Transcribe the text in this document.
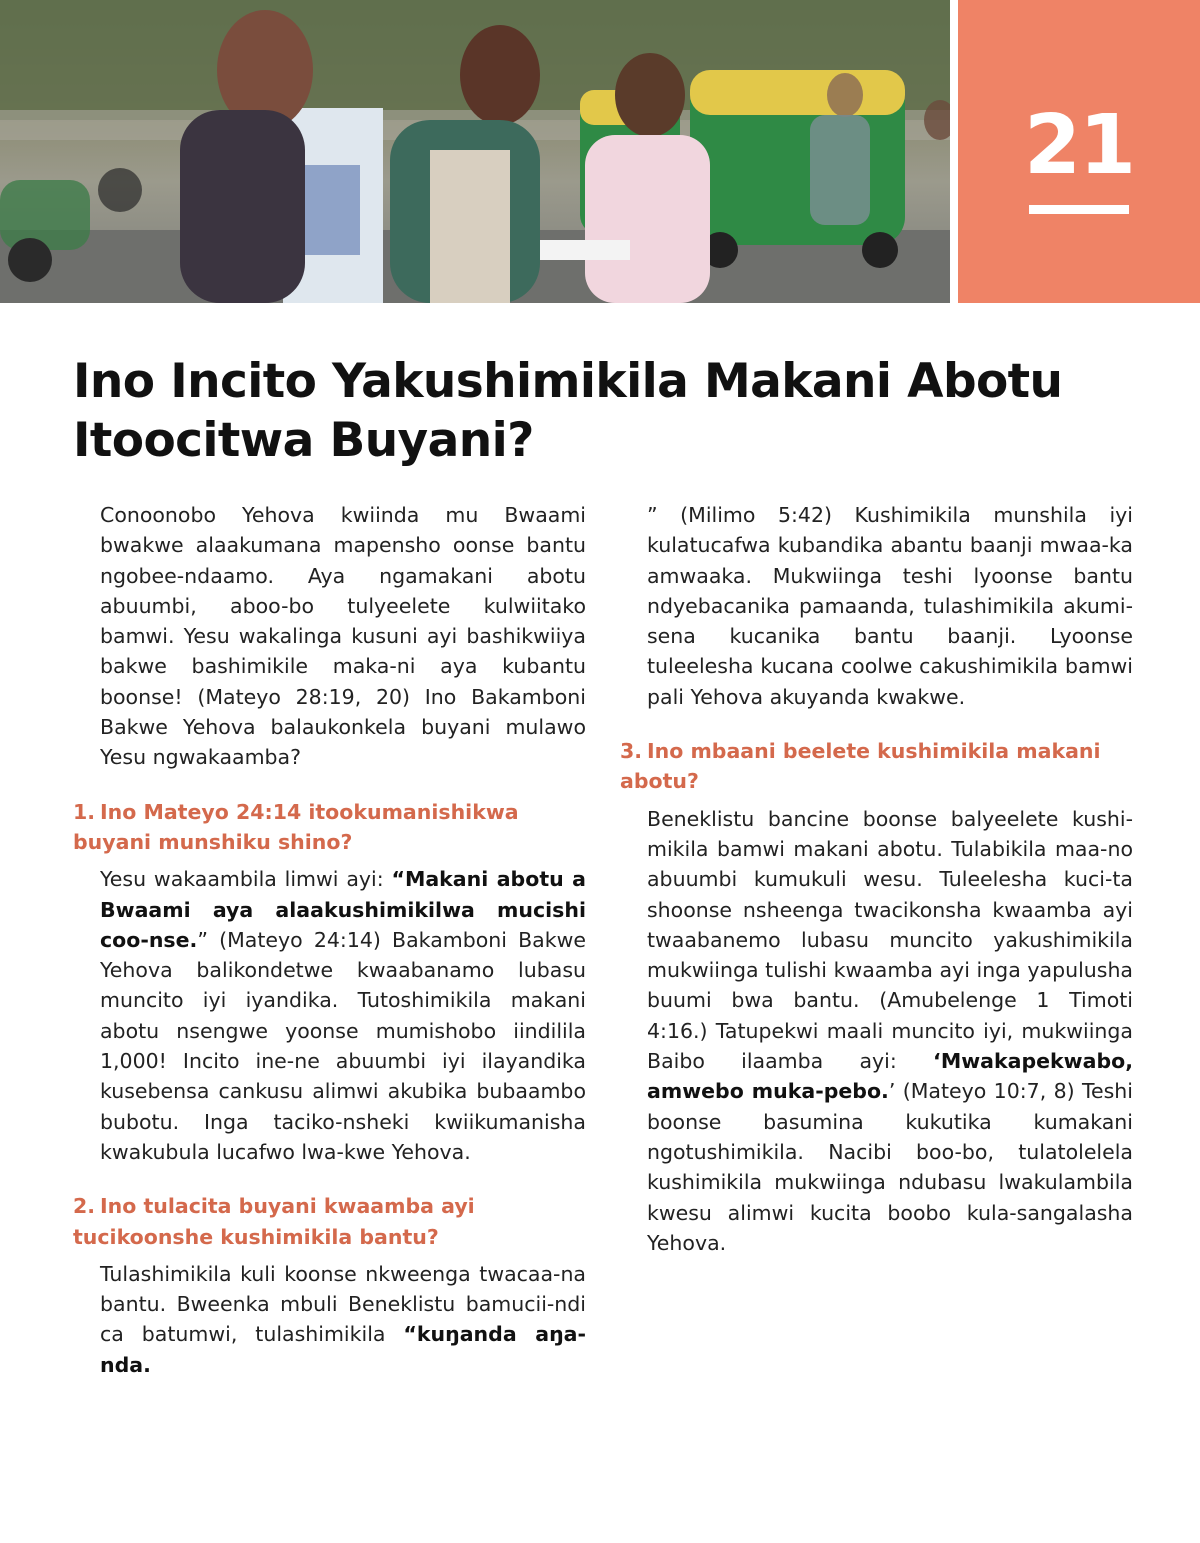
21
Ino Incito Yakushimikila Makani Abotu
Itoocitwa Buyani?

Conoonobo Yehova kwiinda mu Bwaami bwakwe alaakumana mapensho oonse bantu ngobee-ndaamo. Aya ngamakani abotu abuumbi, aboo-bo tulyeelete kulwiitako bamwi. Yesu wakalinga kusuni ayi bashikwiiya bakwe bashimikile maka-ni aya kubantu boonse! (Mateyo 28:19, 20) Ino Bakamboni Bakwe Yehova balaukonkela buyani mulawo Yesu ngwakaamba?

1. Ino Mateyo 24:14 itookumanishikwa buyani munshiku shino?

Yesu wakaambila limwi ayi: “Makani abotu a Bwaami aya alaakushimikilwa mucishi coo-nse.” (Mateyo 24:14) Bakamboni Bakwe Yehova balikondetwe kwaabanamo lubasu muncito iyi iyandika. Tutoshimikila makani abotu nsengwe yoonse mumishobo iindilila 1,000! Incito ine-ne abuumbi iyi ilayandika kusebensa cankusu alimwi akubika bubaambo bubotu. Inga taciko-nsheki kwiikumanisha kwakubula lucafwo lwa-kwe Yehova.

2. Ino tulacita buyani kwaamba ayi tucikoonshe kushimikila bantu?

Tulashimikila kuli koonse nkweenga twacaa-na bantu. Bweenka mbuli Beneklistu bamucii-ndi ca batumwi, tulashimikila “kuŋanda aŋa-nda.

” (Milimo 5:42) Kushimikila munshila iyi kulatucafwa kubandika abantu baanji mwaa-ka amwaaka. Mukwiinga teshi lyoonse bantu ndyebacanika pamaanda, tulashimikila akumi-sena kucanika bantu baanji. Lyoonse tuleelesha kucana coolwe cakushimikila bamwi pali Yehova akuyanda kwakwe.

3. Ino mbaani beelete kushimikila makani abotu?

Beneklistu bancine boonse balyeelete kushi-mikila bamwi makani abotu. Tulabikila maa-no abuumbi kumukuli wesu. Tuleelesha kuci-ta shoonse nsheenga twacikonsha kwaamba ayi twaabanemo lubasu muncito yakushimikila mukwiinga tulishi kwaamba ayi inga yapulusha buumi bwa bantu. (Amubelenge 1 Timoti 4:16.) Tatupekwi maali muncito iyi, mukwiinga Baibo ilaamba ayi: ‘Mwakapekwabo, amwebo muka-pebo.’ (Mateyo 10:7, 8) Teshi boonse basumina kukutika kumakani ngotushimikila. Nacibi boo-bo, tulatolelela kushimikila mukwiinga ndubasu lwakulambila kwesu alimwi kucita boobo kula-sangalasha Yehova.
